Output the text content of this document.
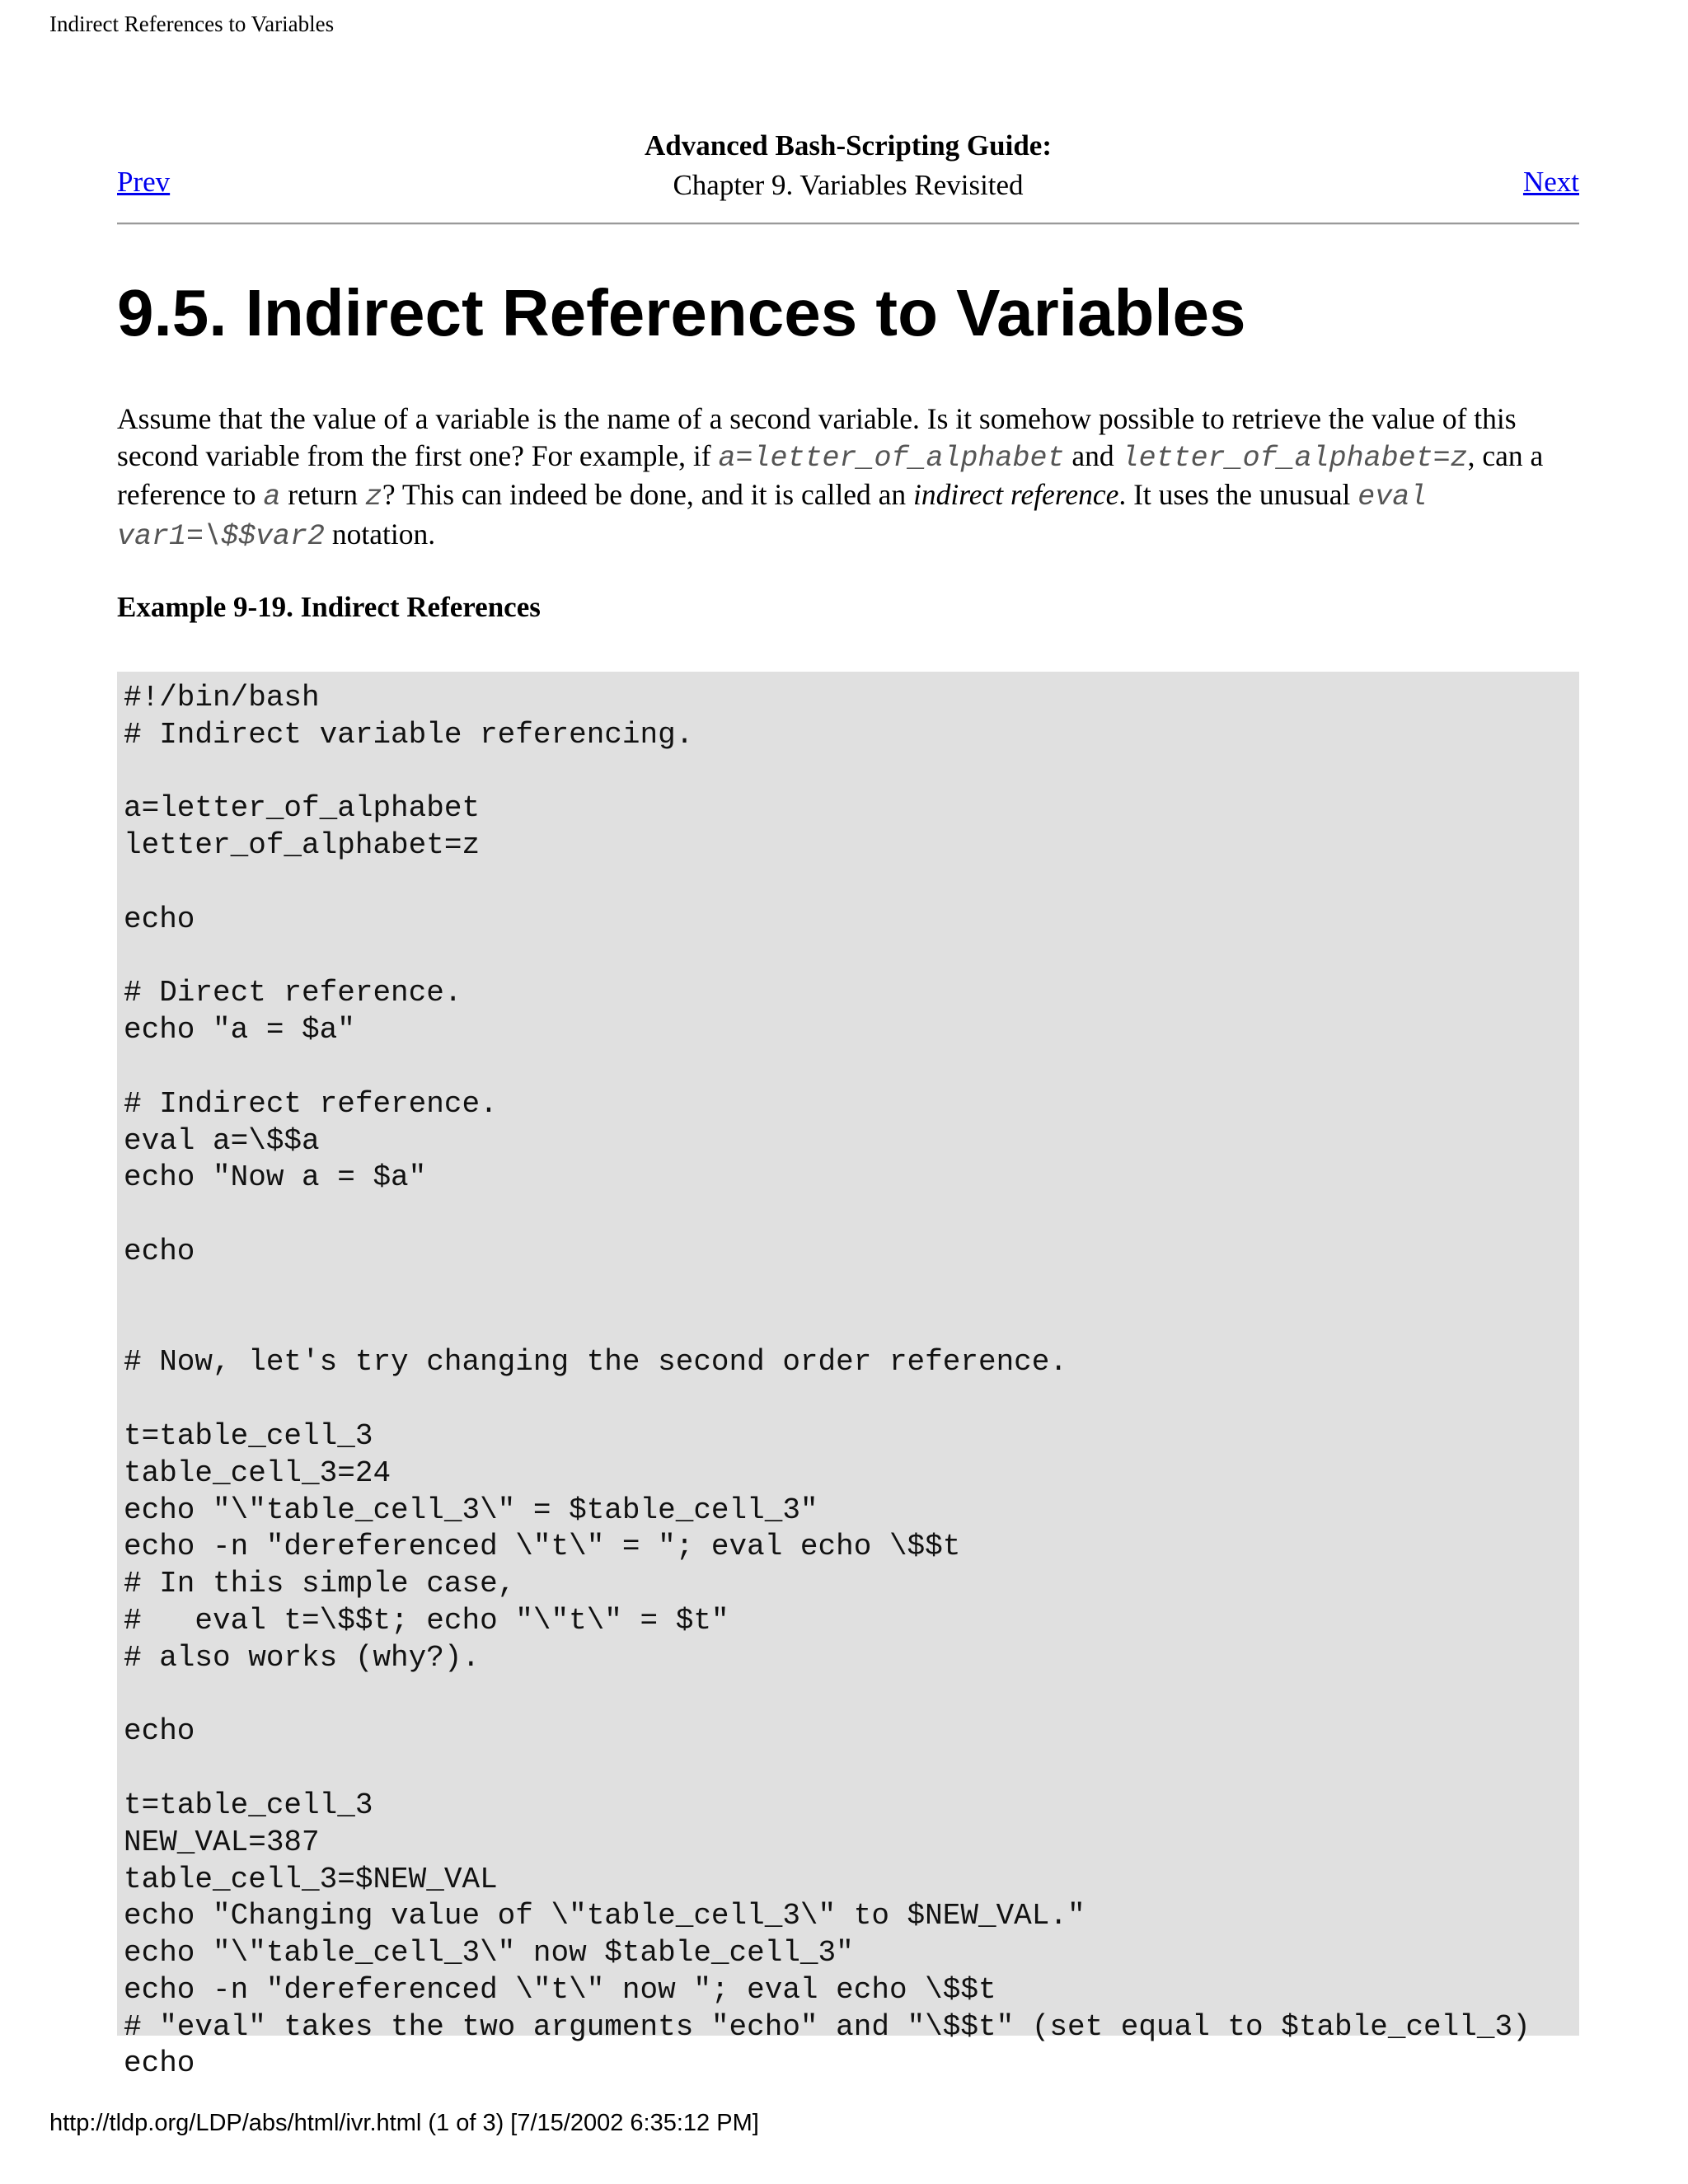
Indirect References to Variables
Advanced Bash-Scripting Guide:
Chapter 9. Variables Revisited
Prev	Next
9.5. Indirect References to Variables

Assume that the value of a variable is the name of a second variable. Is it somehow possible to retrieve the value of this second variable from the first one? For example, if a=letter_of_alphabet and letter_of_alphabet=z, can a reference to a return z? This can indeed be done, and it is called an indirect reference. It uses the unusual eval var1=\$$var2 notation.

Example 9-19. Indirect References
#!/bin/bash
# Indirect variable referencing.

a=letter_of_alphabet
letter_of_alphabet=z

echo

# Direct reference.
echo "a = $a"

# Indirect reference.
eval a=\$$a
echo "Now a = $a"

echo

# Now, let's try changing the second order reference.

t=table_cell_3
table_cell_3=24
echo "\"table_cell_3\" = $table_cell_3"
echo -n "dereferenced \"t\" = "; eval echo \$$t
# In this simple case,
#   eval t=\$$t; echo "\"t\" = $t"
# also works (why?).

echo

t=table_cell_3
NEW_VAL=387
table_cell_3=$NEW_VAL
echo "Changing value of \"table_cell_3\" to $NEW_VAL."
echo "\"table_cell_3\" now $table_cell_3"
echo -n "dereferenced \"t\" now "; eval echo \$$t
# "eval" takes the two arguments "echo" and "\$$t" (set equal to $table_cell_3)
echo
http://tldp.org/LDP/abs/html/ivr.html (1 of 3) [7/15/2002 6:35:12 PM]
